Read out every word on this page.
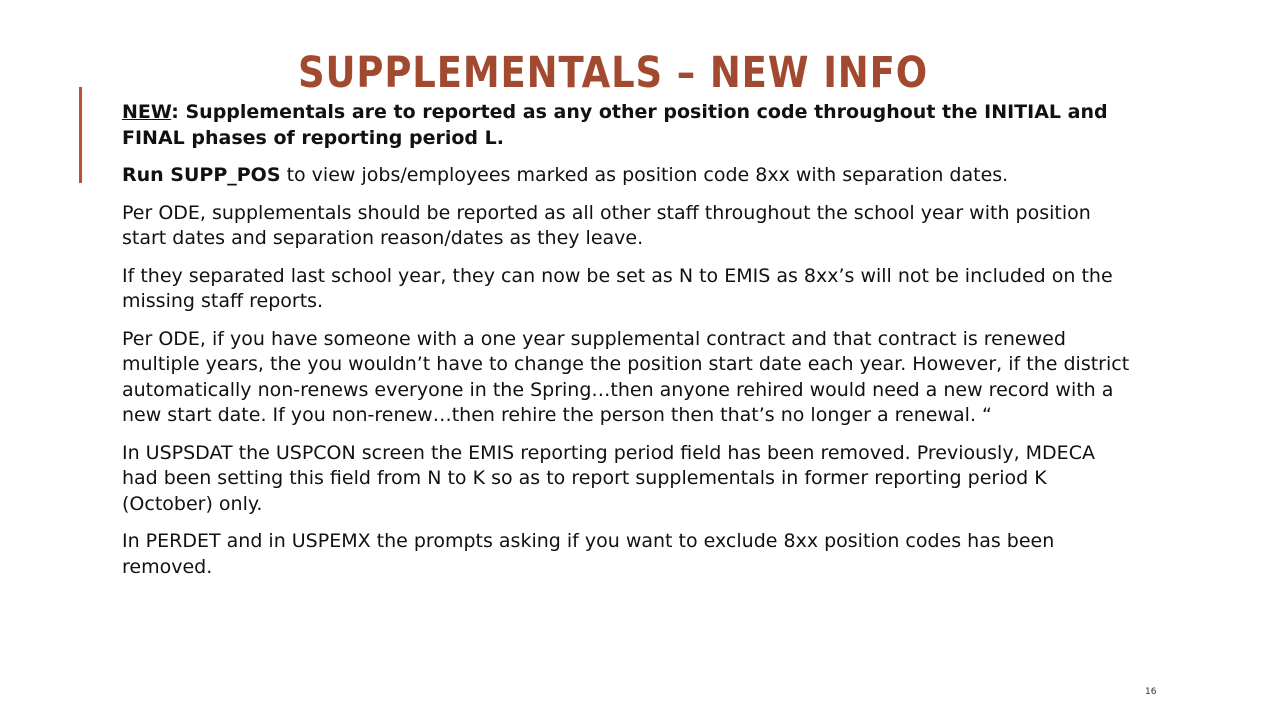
SUPPLEMENTALS – NEW INFO

NEW: Supplementals are to reported as any other position code throughout the INITIAL and FINAL phases of reporting period L.

Run SUPP_POS to view jobs/employees marked as position code 8xx with separation dates.

Per ODE, supplementals should be reported as all other staff throughout the school year with position start dates and separation reason/dates as they leave.

If they separated last school year, they can now be set as N to EMIS as 8xx’s will not be included on the missing staff reports.

Per ODE, if you have someone with a one year supplemental contract and that contract is renewed multiple years, the you wouldn’t have to change the position start date each year. However, if the district automatically non-renews everyone in the Spring…then anyone rehired would need a new record with a new start date. If you non-renew…then rehire the person then that’s no longer a renewal. “

In USPSDAT the USPCON screen the EMIS reporting period field has been removed. Previously, MDECA had been setting this field from N to K so as to report supplementals in former reporting period K (October) only.

In PERDET and in USPEMX the prompts asking if you want to exclude 8xx position codes has been removed.

16
